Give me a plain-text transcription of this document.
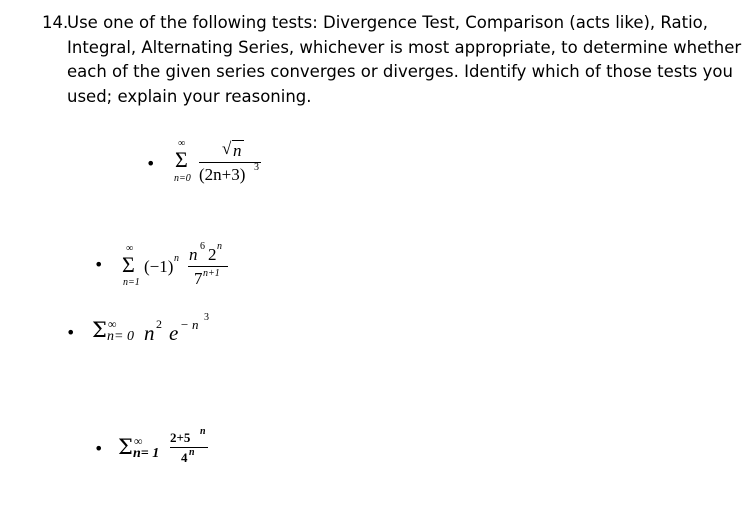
14.
Use one of the following tests: Divergence Test, Comparison (acts like), Ratio,
Integral, Alternating Series, whichever is most appropriate, to determine whether
each of the given series converges or diverges. Identify which of those tests you
used; explain your reasoning.
•
∞
Σ
n=0
√ n
(2n+3) 3
•
∞
Σ
n=1
(−1) n n 6 2 n
7 n+1
• Σ ∞
n= 0 n 2 e − n 3
• Σ ∞
n= 1
2+5 n
4 n
